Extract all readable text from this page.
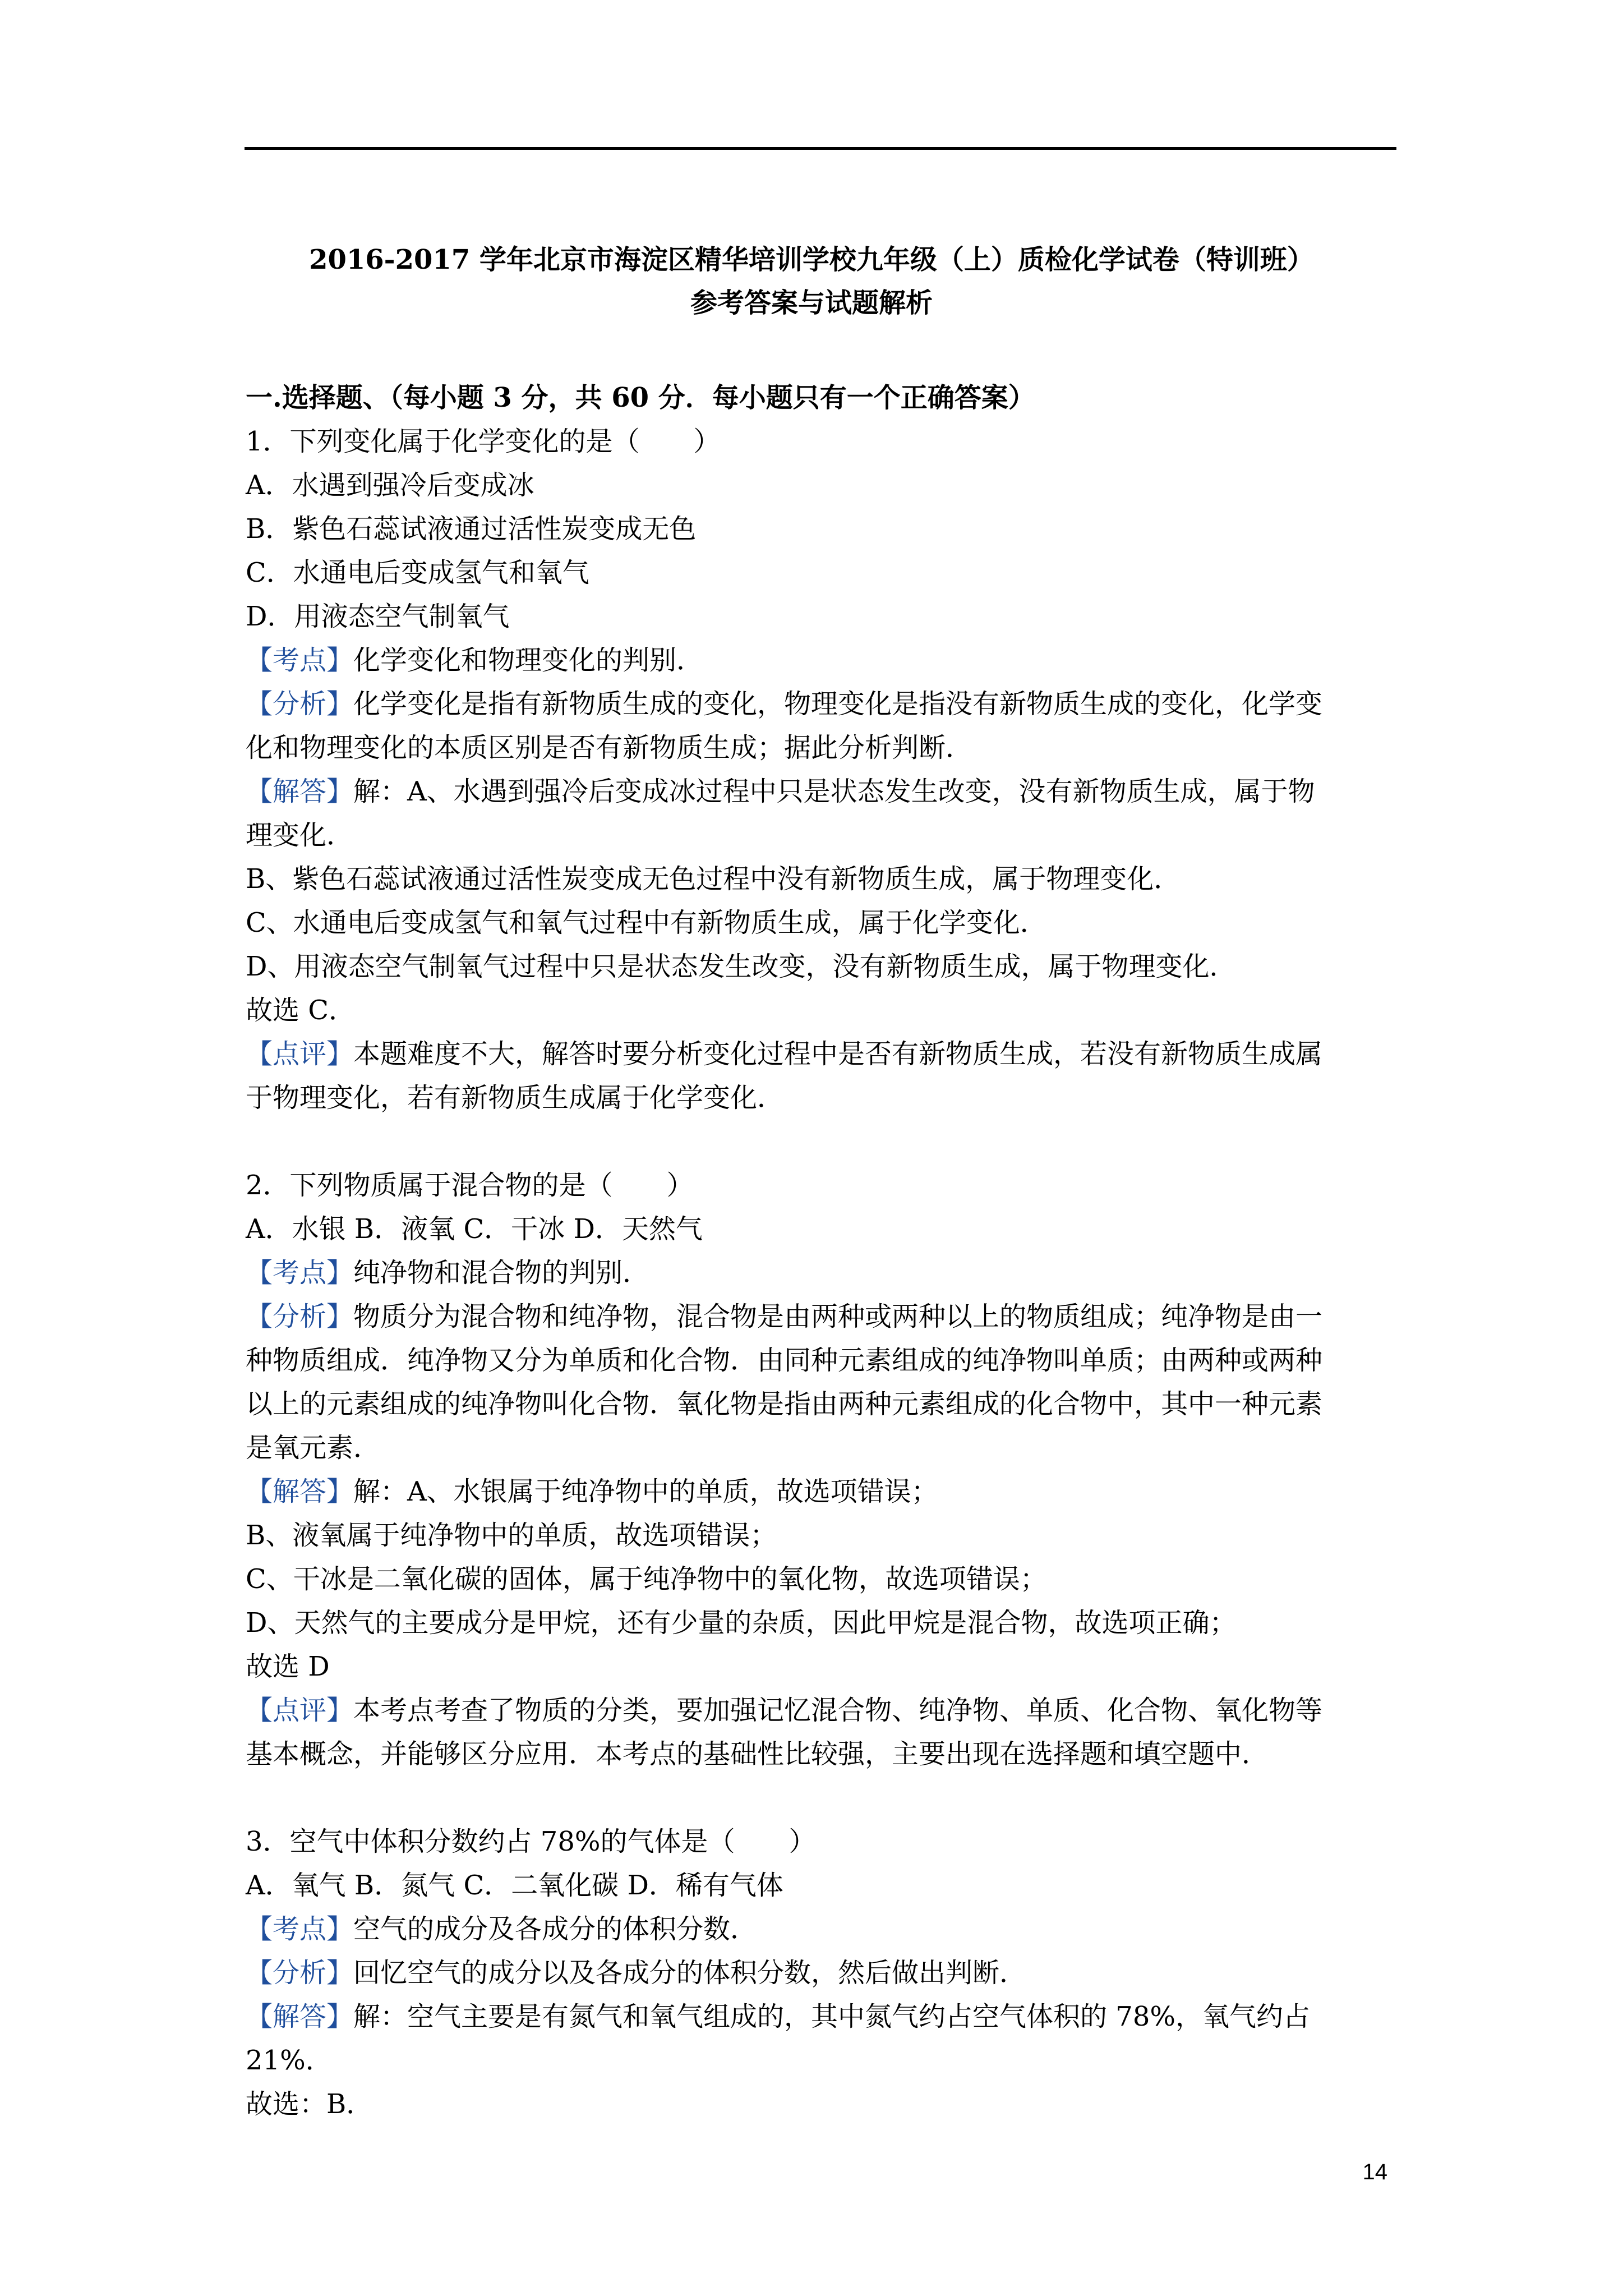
2016-2017 学年北京市海淀区精华培训学校九年级（上）质检化学试卷（特训班）
参考答案与试题解析
一.选择题、（每小题 3 分，共 60 分．每小题只有一个正确答案）
1．下列变化属于化学变化的是（　　）
A．水遇到强冷后变成冰
B．紫色石蕊试液通过活性炭变成无色
C．水通电后变成氢气和氧气
D．用液态空气制氧气
【考点】化学变化和物理变化的判别．
【分析】化学变化是指有新物质生成的变化，物理变化是指没有新物质生成的变化，化学变
化和物理变化的本质区别是否有新物质生成；据此分析判断．
【解答】解：A、水遇到强冷后变成冰过程中只是状态发生改变，没有新物质生成，属于物
理变化．
B、紫色石蕊试液通过活性炭变成无色过程中没有新物质生成，属于物理变化．
C、水通电后变成氢气和氧气过程中有新物质生成，属于化学变化．
D、用液态空气制氧气过程中只是状态发生改变，没有新物质生成，属于物理变化．
故选 C．
【点评】本题难度不大，解答时要分析变化过程中是否有新物质生成，若没有新物质生成属
于物理变化，若有新物质生成属于化学变化．
2．下列物质属于混合物的是（　　）
A．水银 B．液氧 C．干冰 D．天然气
【考点】纯净物和混合物的判别．
【分析】物质分为混合物和纯净物，混合物是由两种或两种以上的物质组成；纯净物是由一
种物质组成．纯净物又分为单质和化合物．由同种元素组成的纯净物叫单质；由两种或两种
以上的元素组成的纯净物叫化合物．氧化物是指由两种元素组成的化合物中，其中一种元素
是氧元素．
【解答】解：A、水银属于纯净物中的单质，故选项错误；
B、液氧属于纯净物中的单质，故选项错误；
C、干冰是二氧化碳的固体，属于纯净物中的氧化物，故选项错误；
D、天然气的主要成分是甲烷，还有少量的杂质，因此甲烷是混合物，故选项正确；
故选 D
【点评】本考点考查了物质的分类，要加强记忆混合物、纯净物、单质、化合物、氧化物等
基本概念，并能够区分应用．本考点的基础性比较强，主要出现在选择题和填空题中．
3．空气中体积分数约占 78%的气体是（　　）
A．氧气 B．氮气 C．二氧化碳 D．稀有气体
【考点】空气的成分及各成分的体积分数．
【分析】回忆空气的成分以及各成分的体积分数，然后做出判断．
【解答】解：空气主要是有氮气和氧气组成的，其中氮气约占空气体积的 78%，氧气约占
21%．
故选：B．
14
